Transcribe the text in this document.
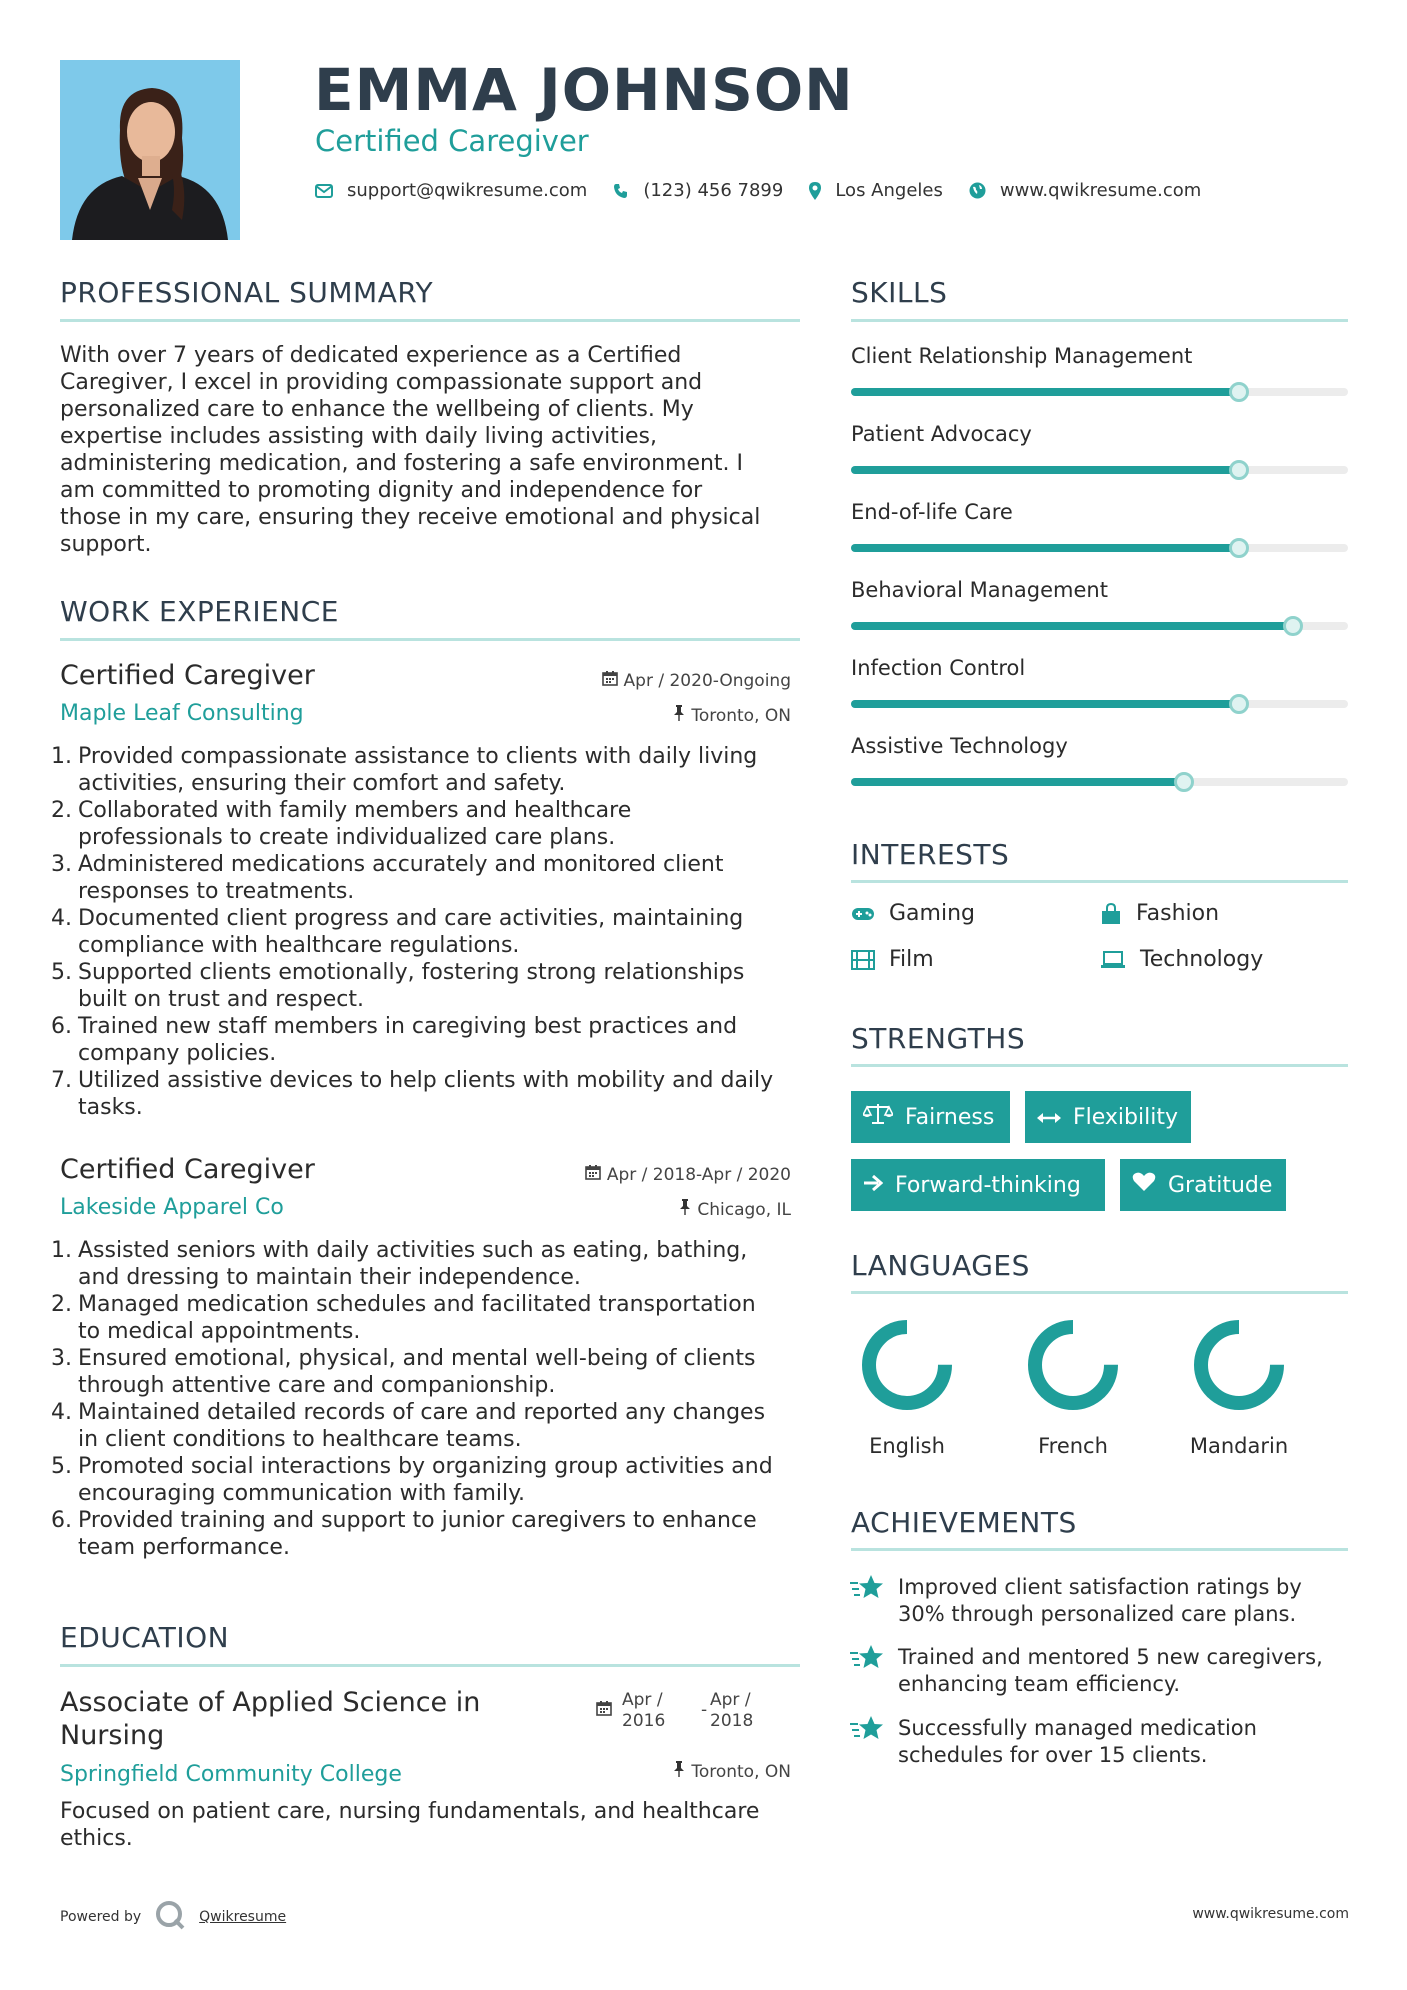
EMMA JOHNSON
Certified Caregiver
support@qwikresume.com	(123) 456 7899	Los Angeles	www.qwikresume.com
PROFESSIONAL SUMMARY
With over 7 years of dedicated experience as a Certified
Caregiver, I excel in providing compassionate support and
personalized care to enhance the wellbeing of clients. My
expertise includes assisting with daily living activities,
administering medication, and fostering a safe environment. I
am committed to promoting dignity and independence for
those in my care, ensuring they receive emotional and physical
support.
WORK EXPERIENCE
Certified Caregiver
Maple Leaf Consulting
Apr / 2020-Ongoing
Toronto, ON
1. Provided compassionate assistance to clients with daily living
activities, ensuring their comfort and safety.
2. Collaborated with family members and healthcare
professionals to create individualized care plans.
3. Administered medications accurately and monitored client
responses to treatments.
4. Documented client progress and care activities, maintaining
compliance with healthcare regulations.
5. Supported clients emotionally, fostering strong relationships
built on trust and respect.
6. Trained new staff members in caregiving best practices and
company policies.
7. Utilized assistive devices to help clients with mobility and daily
tasks.
Certified Caregiver
Lakeside Apparel Co
Apr / 2018-Apr / 2020
Chicago, IL
1. Assisted seniors with daily activities such as eating, bathing,
and dressing to maintain their independence.
2. Managed medication schedules and facilitated transportation
to medical appointments.
3. Ensured emotional, physical, and mental well-being of clients
through attentive care and companionship.
4. Maintained detailed records of care and reported any changes
in client conditions to healthcare teams.
5. Promoted social interactions by organizing group activities and
encouraging communication with family.
6. Provided training and support to junior caregivers to enhance
team performance.
EDUCATION
Associate of Applied Science in
Nursing
Springfield Community College
Apr /
2016
- Apr /
2018
Toronto, ON
Focused on patient care, nursing fundamentals, and healthcare
ethics.
SKILLS
Client Relationship Management
Patient Advocacy
End-of-life Care
Behavioral Management
Infection Control
Assistive Technology
INTERESTS
Gaming	Fashion
Film	Technology
STRENGTHS
Fairness	Flexibility
Forward-thinking	Gratitude
LANGUAGES
English	French	Mandarin
ACHIEVEMENTS
Improved client satisfaction ratings by
30% through personalized care plans.
Trained and mentored 5 new caregivers,
enhancing team efficiency.
Successfully managed medication
schedules for over 15 clients.
Powered by	Qwikresume	www.qwikresume.com
